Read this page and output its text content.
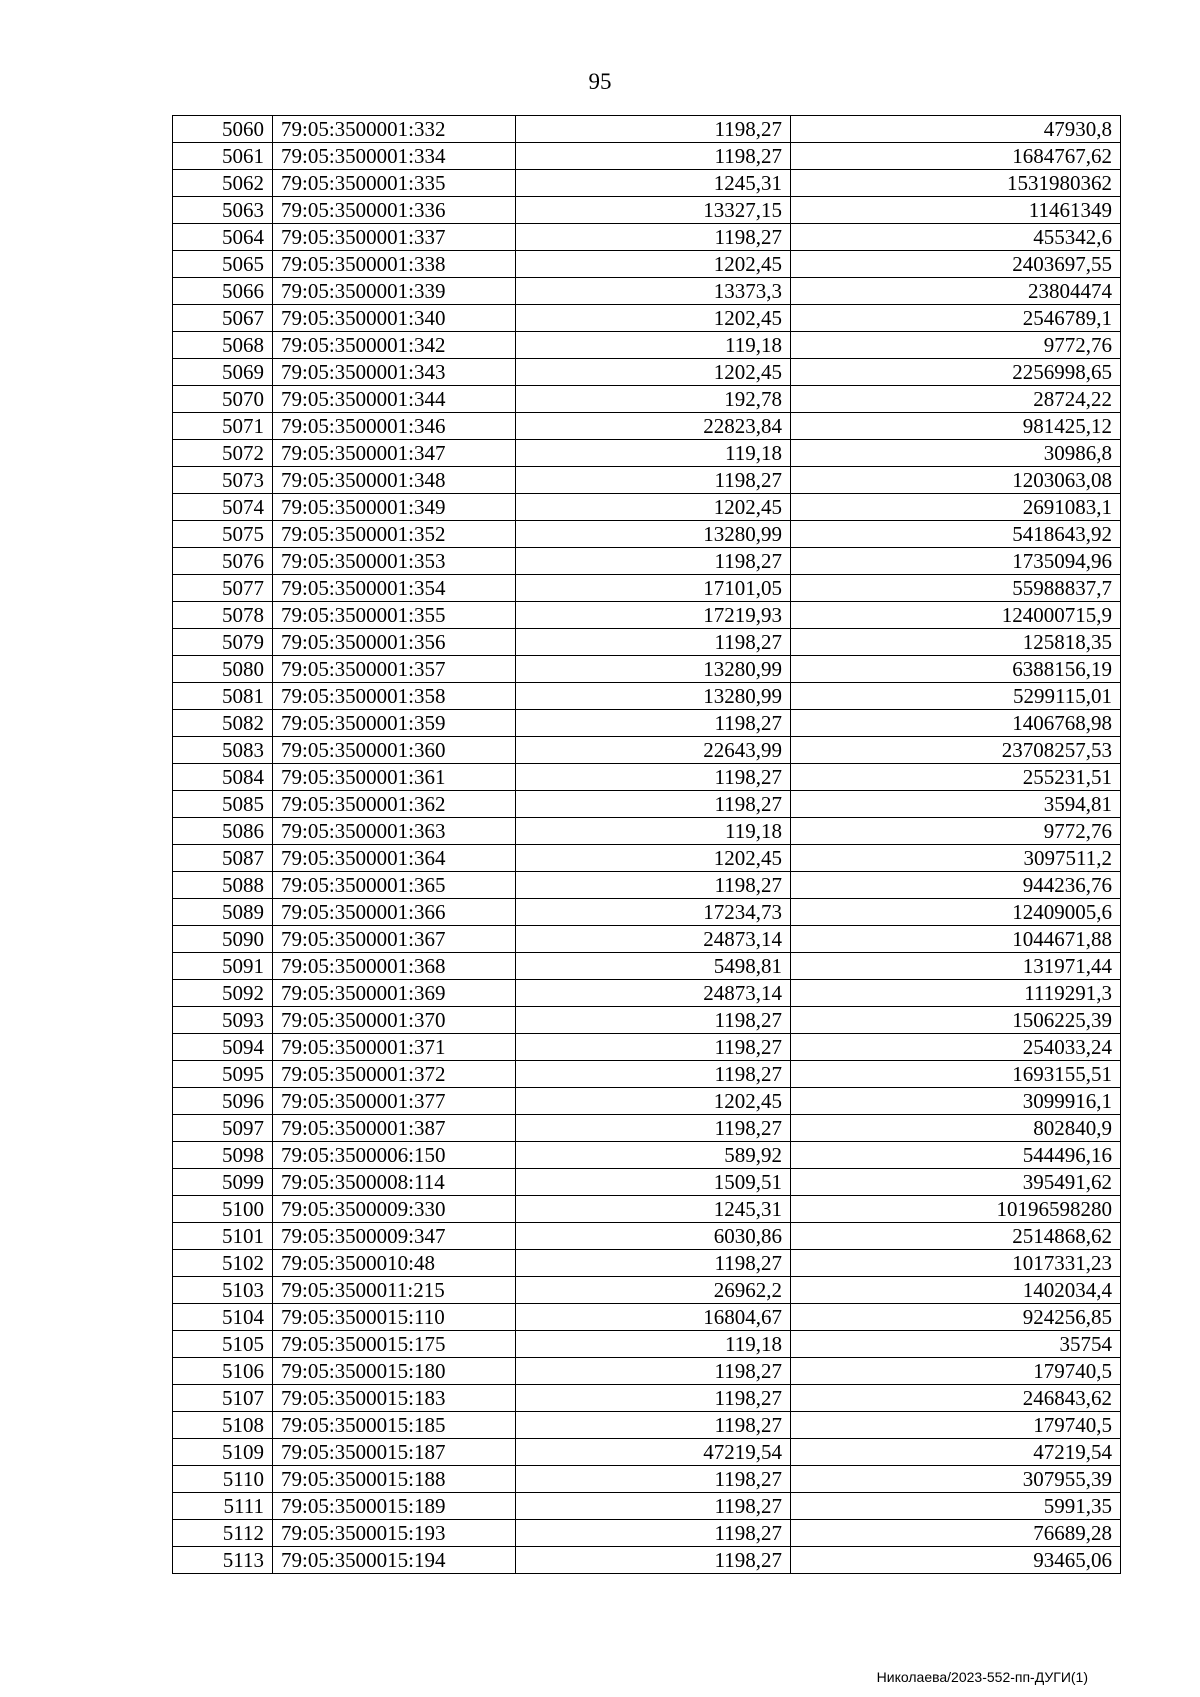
95
5060	79:05:3500001:332	1198,27	47930,8
5061	79:05:3500001:334	1198,27	1684767,62
5062	79:05:3500001:335	1245,31	1531980362
5063	79:05:3500001:336	13327,15	11461349
5064	79:05:3500001:337	1198,27	455342,6
5065	79:05:3500001:338	1202,45	2403697,55
5066	79:05:3500001:339	13373,3	23804474
5067	79:05:3500001:340	1202,45	2546789,1
5068	79:05:3500001:342	119,18	9772,76
5069	79:05:3500001:343	1202,45	2256998,65
5070	79:05:3500001:344	192,78	28724,22
5071	79:05:3500001:346	22823,84	981425,12
5072	79:05:3500001:347	119,18	30986,8
5073	79:05:3500001:348	1198,27	1203063,08
5074	79:05:3500001:349	1202,45	2691083,1
5075	79:05:3500001:352	13280,99	5418643,92
5076	79:05:3500001:353	1198,27	1735094,96
5077	79:05:3500001:354	17101,05	55988837,7
5078	79:05:3500001:355	17219,93	124000715,9
5079	79:05:3500001:356	1198,27	125818,35
5080	79:05:3500001:357	13280,99	6388156,19
5081	79:05:3500001:358	13280,99	5299115,01
5082	79:05:3500001:359	1198,27	1406768,98
5083	79:05:3500001:360	22643,99	23708257,53
5084	79:05:3500001:361	1198,27	255231,51
5085	79:05:3500001:362	1198,27	3594,81
5086	79:05:3500001:363	119,18	9772,76
5087	79:05:3500001:364	1202,45	3097511,2
5088	79:05:3500001:365	1198,27	944236,76
5089	79:05:3500001:366	17234,73	12409005,6
5090	79:05:3500001:367	24873,14	1044671,88
5091	79:05:3500001:368	5498,81	131971,44
5092	79:05:3500001:369	24873,14	1119291,3
5093	79:05:3500001:370	1198,27	1506225,39
5094	79:05:3500001:371	1198,27	254033,24
5095	79:05:3500001:372	1198,27	1693155,51
5096	79:05:3500001:377	1202,45	3099916,1
5097	79:05:3500001:387	1198,27	802840,9
5098	79:05:3500006:150	589,92	544496,16
5099	79:05:3500008:114	1509,51	395491,62
5100	79:05:3500009:330	1245,31	10196598280
5101	79:05:3500009:347	6030,86	2514868,62
5102	79:05:3500010:48	1198,27	1017331,23
5103	79:05:3500011:215	26962,2	1402034,4
5104	79:05:3500015:110	16804,67	924256,85
5105	79:05:3500015:175	119,18	35754
5106	79:05:3500015:180	1198,27	179740,5
5107	79:05:3500015:183	1198,27	246843,62
5108	79:05:3500015:185	1198,27	179740,5
5109	79:05:3500015:187	47219,54	47219,54
5110	79:05:3500015:188	1198,27	307955,39
5111	79:05:3500015:189	1198,27	5991,35
5112	79:05:3500015:193	1198,27	76689,28
5113	79:05:3500015:194	1198,27	93465,06
Николаева/2023-552-пп-ДУГИ(1)
